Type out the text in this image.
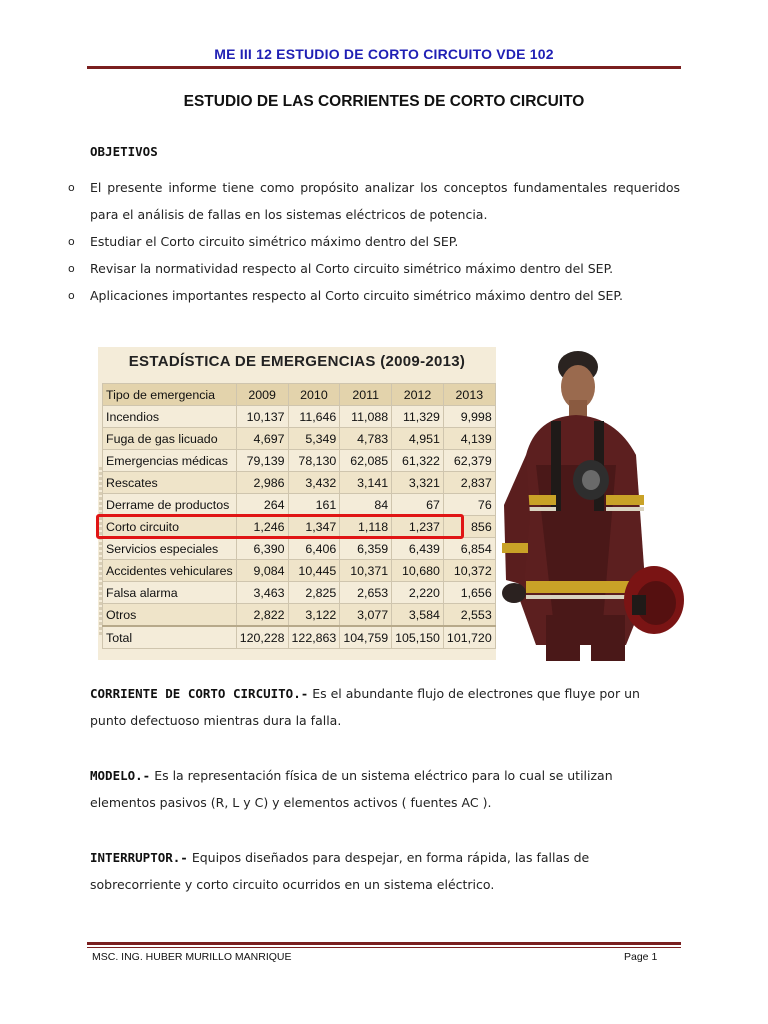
ME III 12 ESTUDIO DE CORTO CIRCUITO VDE 102
ESTUDIO DE LAS CORRIENTES DE CORTO CIRCUITO
OBJETIVOS
o El presente informe tiene como propósito analizar los conceptos fundamentales requeridos para el análisis de fallas en los sistemas eléctricos de potencia.
o Estudiar el Corto circuito simétrico máximo dentro del SEP.
o Revisar la normatividad respecto al Corto circuito simétrico máximo dentro del SEP.
o Aplicaciones importantes respecto al Corto circuito simétrico máximo dentro del SEP.
ESTADÍSTICA DE EMERGENCIAS (2009-2013)
Tipo de emergencia	2009	2010	2011	2012	2013
Incendios	10,137	11,646	11,088	11,329	9,998
Fuga de gas licuado	4,697	5,349	4,783	4,951	4,139
Emergencias médicas	79,139	78,130	62,085	61,322	62,379
Rescates	2,986	3,432	3,141	3,321	2,837
Derrame de productos	264	161	84	67	76
Corto circuito	1,246	1,347	1,118	1,237	856
Servicios especiales	6,390	6,406	6,359	6,439	6,854
Accidentes vehiculares	9,084	10,445	10,371	10,680	10,372
Falsa alarma	3,463	2,825	2,653	2,220	1,656
Otros	2,822	3,122	3,077	3,584	2,553
Total	120,228	122,863	104,759	105,150	101,720
CORRIENTE DE CORTO CIRCUITO.- Es el abundante flujo de electrones que fluye por un punto defectuoso mientras dura la falla.
MODELO.- Es la representación física de un sistema eléctrico para lo cual se utilizan elementos pasivos (R, L y C) y elementos activos ( fuentes AC ).
INTERRUPTOR.- Equipos diseñados para despejar, en forma rápida, las fallas de sobrecorriente y corto circuito ocurridos en un sistema eléctrico.
MSC. ING. HUBER MURILLO MANRIQUE	Page 1
